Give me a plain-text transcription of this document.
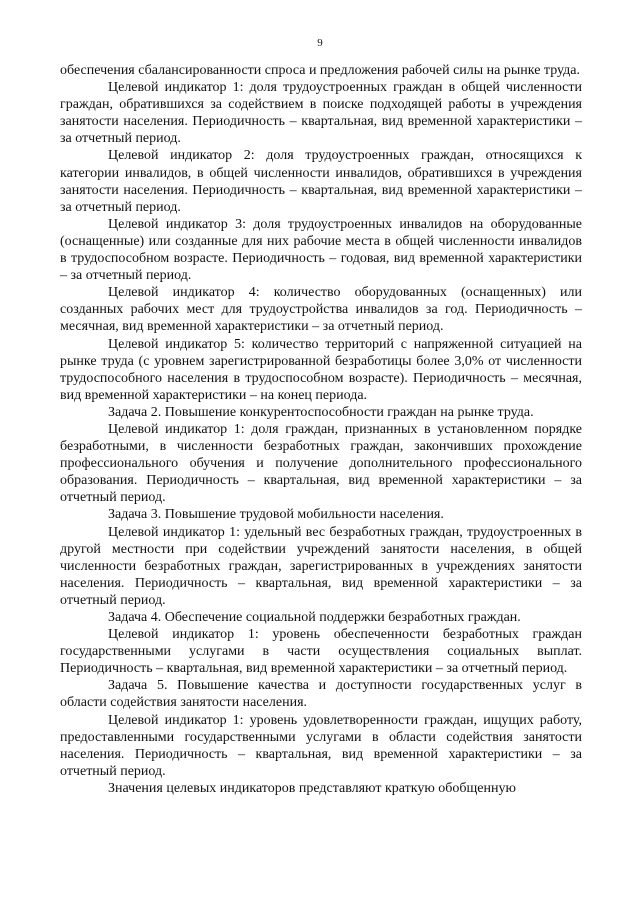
9

обеспечения сбалансированности спроса и предложения рабочей силы на рынке труда.

Целевой индикатор 1: доля трудоустроенных граждан в общей численности граждан, обратившихся за содействием в поиске подходящей работы в учреждения занятости населения. Периодичность – квартальная, вид временной характеристики – за отчетный период.

Целевой индикатор 2: доля трудоустроенных граждан, относящихся к категории инвалидов, в общей численности инвалидов, обратившихся в учреждения занятости населения. Периодичность – квартальная, вид временной характеристики – за отчетный период.

Целевой индикатор 3: доля трудоустроенных инвалидов на оборудованные (оснащенные) или созданные для них рабочие места в общей численности инвалидов в трудоспособном возрасте. Периодичность – годовая, вид временной характеристики – за отчетный период.

Целевой индикатор 4: количество оборудованных (оснащенных) или созданных рабочих мест для трудоустройства инвалидов за год. Периодичность – месячная, вид временной характеристики – за отчетный период.

Целевой индикатор 5: количество территорий с напряженной ситуацией на рынке труда (с уровнем зарегистрированной безработицы более 3,0% от численности трудоспособного населения в трудоспособном возрасте). Периодичность – месячная, вид временной характеристики – на конец периода.

Задача 2. Повышение конкурентоспособности граждан на рынке труда.

Целевой индикатор 1: доля граждан, признанных в установленном порядке безработными, в численности безработных граждан, закончивших прохождение профессионального обучения и получение дополнительного профессионального образования. Периодичность – квартальная, вид временной характеристики – за отчетный период.

Задача 3. Повышение трудовой мобильности населения.

Целевой индикатор 1: удельный вес безработных граждан, трудоустроенных в другой местности при содействии учреждений занятости населения, в общей численности безработных граждан, зарегистрированных в учреждениях занятости населения. Периодичность – квартальная, вид временной характеристики – за отчетный период.

Задача 4. Обеспечение социальной поддержки безработных граждан.

Целевой индикатор 1: уровень обеспеченности безработных граждан государственными услугами в части осуществления социальных выплат. Периодичность – квартальная, вид временной характеристики – за отчетный период.

Задача 5. Повышение качества и доступности государственных услуг в области содействия занятости населения.

Целевой индикатор 1: уровень удовлетворенности граждан, ищущих работу, предоставленными государственными услугами в области содействия занятости населения. Периодичность – квартальная, вид временной характеристики – за отчетный период.

Значения целевых индикаторов представляют краткую обобщенную
